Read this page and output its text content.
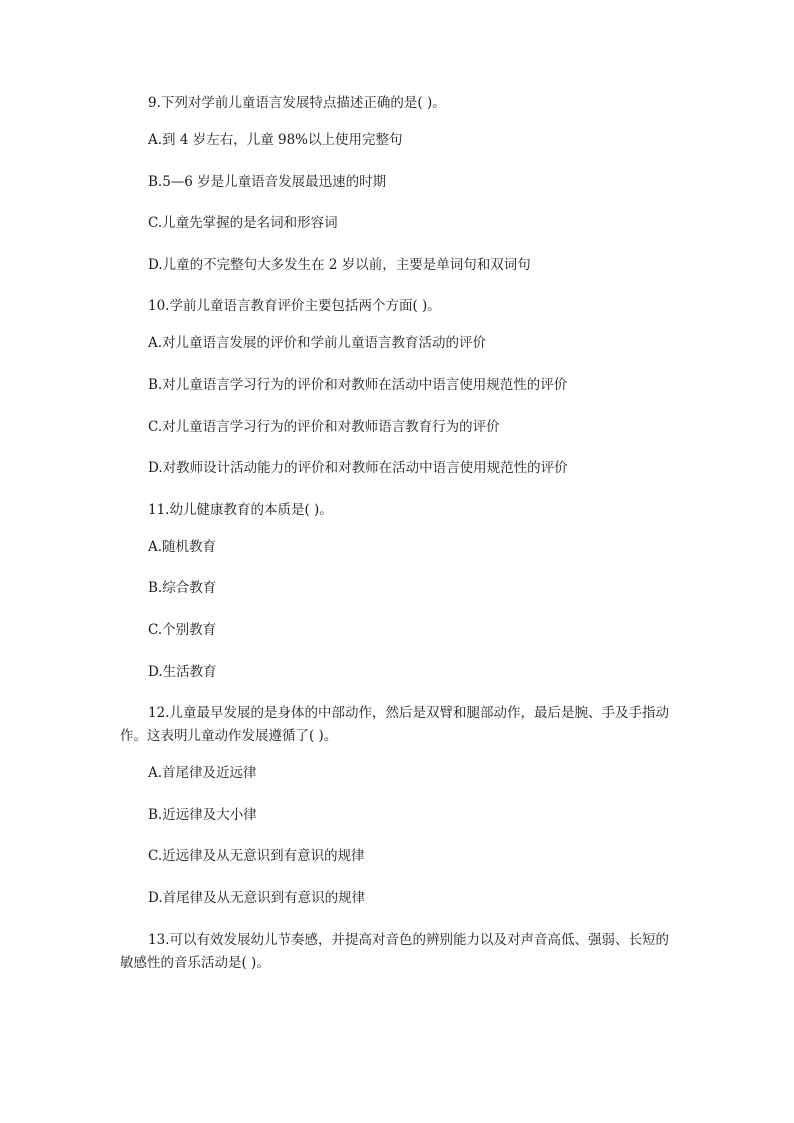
9.下列对学前儿童语言发展特点描述正确的是( )。

A.到 4 岁左右，儿童 98%以上使用完整句

B.5—6 岁是儿童语音发展最迅速的时期

C.儿童先掌握的是名词和形容词

D.儿童的不完整句大多发生在 2 岁以前，主要是单词句和双词句

10.学前儿童语言教育评价主要包括两个方面( )。

A.对儿童语言发展的评价和学前儿童语言教育活动的评价

B.对儿童语言学习行为的评价和对教师在活动中语言使用规范性的评价

C.对儿童语言学习行为的评价和对教师语言教育行为的评价

D.对教师设计活动能力的评价和对教师在活动中语言使用规范性的评价

11.幼儿健康教育的本质是( )。

A.随机教育

B.综合教育

C.个别教育

D.生活教育

12.儿童最早发展的是身体的中部动作，然后是双臂和腿部动作，最后是腕、手及手指动作。这表明儿童动作发展遵循了( )。

A.首尾律及近远律

B.近远律及大小律

C.近远律及从无意识到有意识的规律

D.首尾律及从无意识到有意识的规律

13.可以有效发展幼儿节奏感，并提高对音色的辨别能力以及对声音高低、强弱、长短的敏感性的音乐活动是( )。
